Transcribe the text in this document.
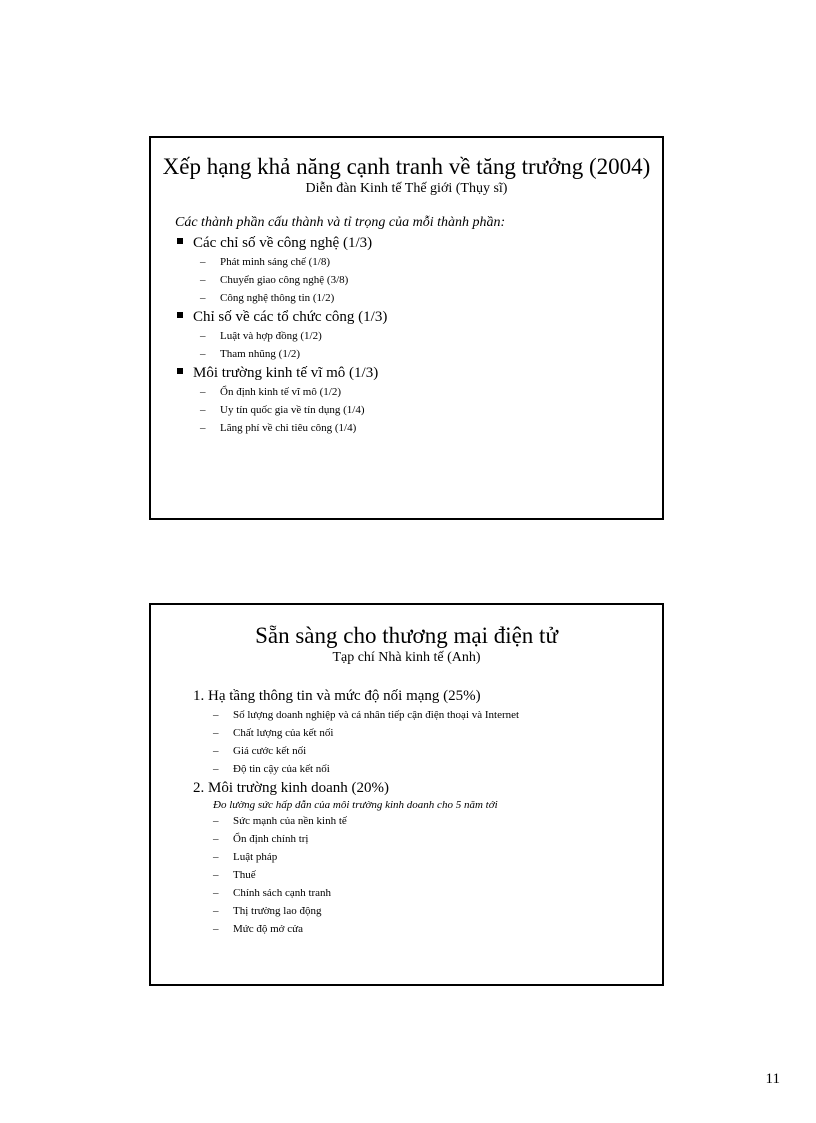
Xếp hạng khả năng cạnh tranh về tăng trưởng (2004)
Diễn đàn Kinh tế Thế giới (Thụy sĩ)
Các thành phần cấu thành và tỉ trọng của mỗi thành phần:
Các chỉ số về công nghệ (1/3)
–	Phát minh sáng chế (1/8)
–	Chuyển giao công nghệ (3/8)
–	Công nghệ thông tin (1/2)
Chỉ số về các tổ chức công (1/3)
–	Luật và hợp đồng (1/2)
–	Tham nhũng (1/2)
Môi trường kinh tế vĩ mô (1/3)
–	Ổn định kinh tế vĩ mô (1/2)
–	Uy tín quốc gia về tín dụng (1/4)
–	Lãng phí về chi tiêu công (1/4)
Sẵn sàng cho thương mại điện tử
Tạp chí Nhà kinh tế (Anh)
1. Hạ tầng thông tin và mức độ nối mạng (25%)
–	Số lượng doanh nghiệp và cá nhân tiếp cận điện thoại và Internet
–	Chất lượng của kết nối
–	Giá cước kết nối
–	Độ tin cậy của kết nối
2. Môi trường kinh doanh (20%)
Đo lường sức hấp dẫn của môi trường kinh doanh cho 5 năm tới
–	Sức mạnh của nền kinh tế
–	Ổn định chính trị
–	Luật pháp
–	Thuế
–	Chính sách cạnh tranh
–	Thị trường lao động
–	Mức độ mở cửa
11
